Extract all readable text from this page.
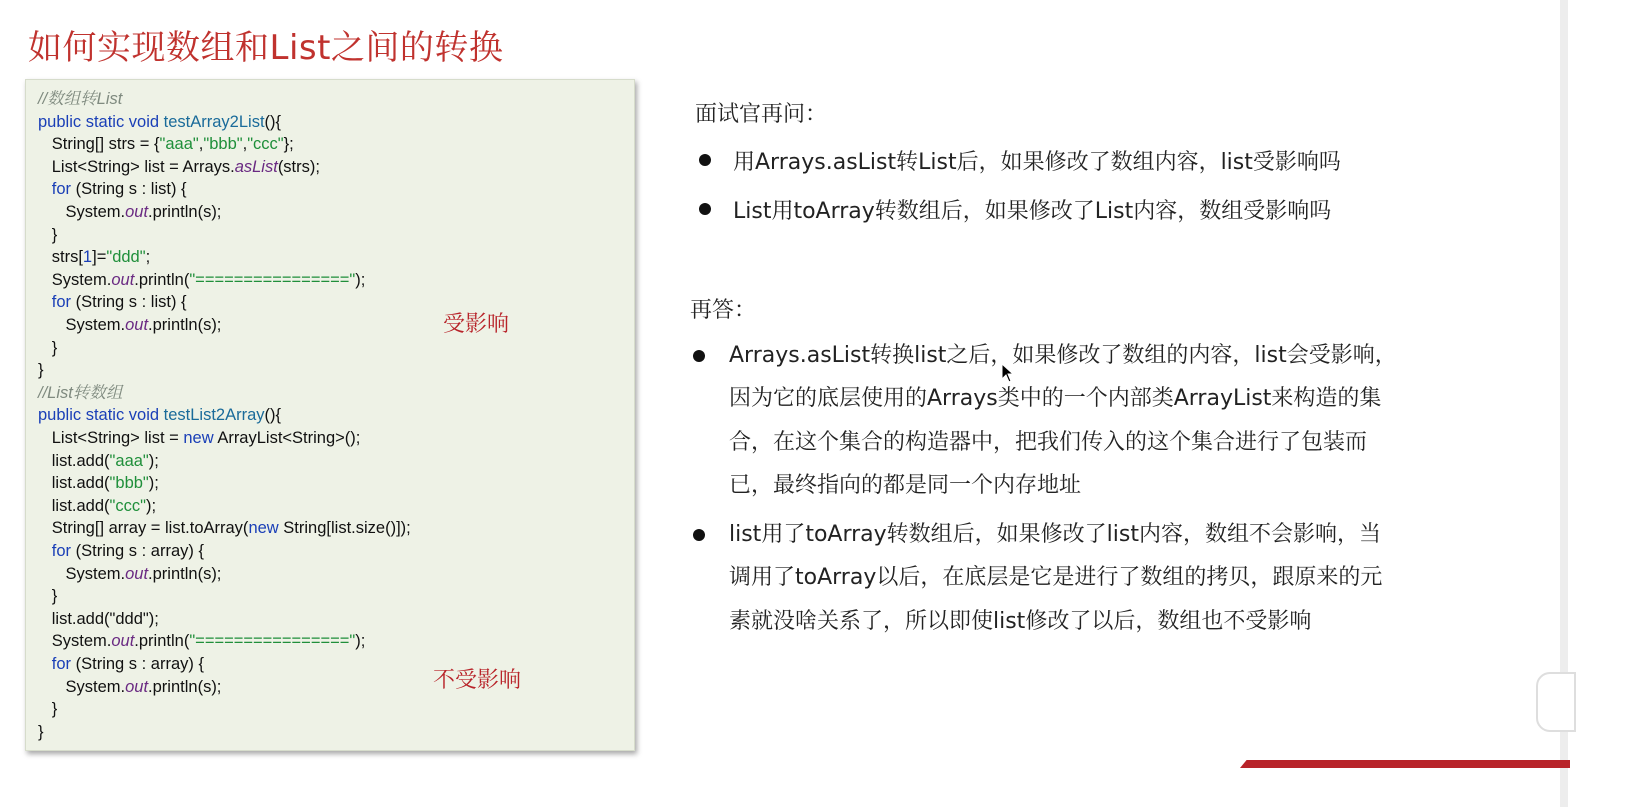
如何实现数组和List之间的转换
//数组转List
public static void testArray2List(){
String[] strs = {"aaa","bbb","ccc"};
List<String> list = Arrays.asList(strs);
for (String s : list) {
System.out.println(s);
}
strs[1]="ddd";
System.out.println("================");
for (String s : list) {
System.out.println(s);
}
}
//List转数组
public static void testList2Array(){
List<String> list = new ArrayList<String>();
list.add("aaa");
list.add("bbb");
list.add("ccc");
String[] array = list.toArray(new String[list.size()]);
for (String s : array) {
System.out.println(s);
}
list.add("ddd");
System.out.println("================");
for (String s : array) {
System.out.println(s);
}
}
受影响
不受影响
面试官再问：
用Arrays.asList转List后，如果修改了数组内容，list受影响吗
List用toArray转数组后，如果修改了List内容，数组受影响吗
再答：
Arrays.asList转换list之后，如果修改了数组的内容，list会受影响，
因为它的底层使用的Arrays类中的一个内部类ArrayList来构造的集
合，在这个集合的构造器中，把我们传入的这个集合进行了包装而
已，最终指向的都是同一个内存地址
list用了toArray转数组后，如果修改了list内容，数组不会影响，当
调用了toArray以后，在底层是它是进行了数组的拷贝，跟原来的元
素就没啥关系了，所以即使list修改了以后，数组也不受影响
